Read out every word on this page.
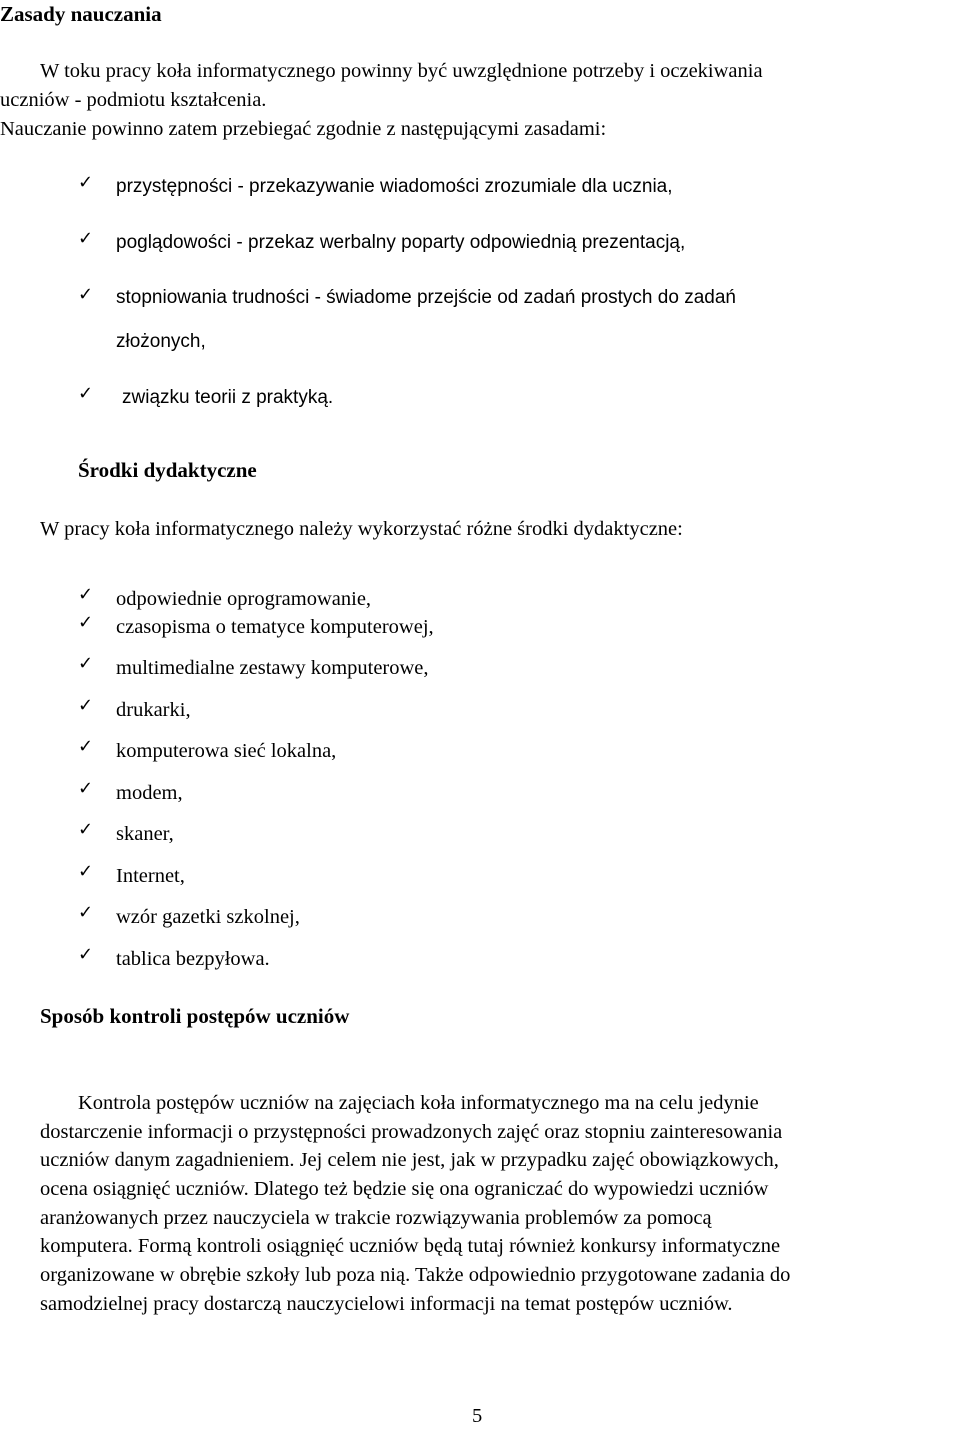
Zasady nauczania

W toku pracy koła informatycznego powinny być uwzględnione potrzeby i oczekiwania

uczniów - podmiotu kształcenia.

Nauczanie powinno zatem przebiegać zgodnie z następującymi zasadami:

✓ przystępności - przekazywanie wiadomości zrozumiale dla ucznia,

✓ poglądowości - przekaz werbalny poparty odpowiednią prezentacją,

✓ stopniowania trudności - świadome przejście od zadań prostych do zadań

złożonych,

✓ związku teorii z praktyką.

Środki dydaktyczne

W pracy koła informatycznego należy wykorzystać różne środki dydaktyczne:

✓ odpowiednie oprogramowanie,

✓ czasopisma o tematyce komputerowej,

✓ multimedialne zestawy komputerowe,

✓ drukarki,

✓ komputerowa sieć lokalna,

✓ modem,

✓ skaner,

✓ Internet,

✓ wzór gazetki szkolnej,

✓ tablica bezpyłowa.

Sposób kontroli postępów uczniów
Kontrola postępów uczniów na zajęciach koła informatycznego ma na celu jedynie
dostarczenie informacji o przystępności prowadzonych zajęć oraz stopniu zainteresowania
uczniów danym zagadnieniem. Jej celem nie jest, jak w przypadku zajęć obowiązkowych,
ocena osiągnięć uczniów. Dlatego też będzie się ona ograniczać do wypowiedzi uczniów
aranżowanych przez nauczyciela w trakcie rozwiązywania problemów za pomocą
komputera. Formą kontroli osiągnięć uczniów będą tutaj również konkursy informatyczne
organizowane w obrębie szkoły lub poza nią. Także odpowiednio przygotowane zadania do
samodzielnej pracy dostarczą nauczycielowi informacji na temat postępów uczniów.
5
